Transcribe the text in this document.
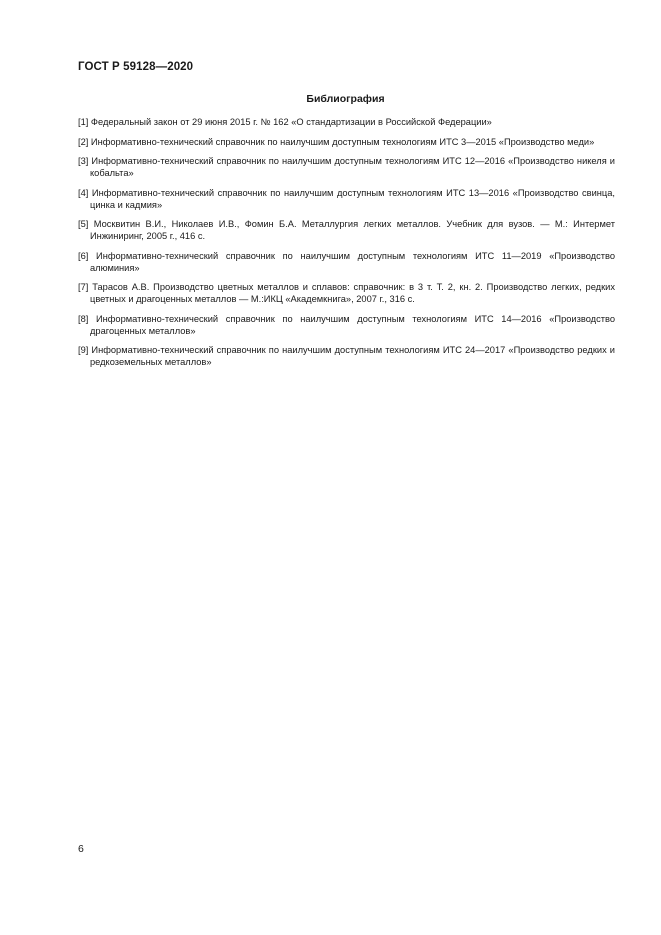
ГОСТ Р 59128—2020
Библиография
[1] Федеральный закон от 29 июня 2015 г. № 162 «О стандартизации в Российской Федерации»
[2] Информативно-технический справочник по наилучшим доступным технологиям ИТС 3—2015 «Производство меди»
[3] Информативно-технический справочник по наилучшим доступным технологиям ИТС 12—2016 «Производство никеля и кобальта»
[4] Информативно-технический справочник по наилучшим доступным технологиям ИТС 13—2016 «Производство свинца, цинка и кадмия»
[5] Москвитин В.И., Николаев И.В., Фомин Б.А. Металлургия легких металлов. Учебник для вузов. — М.: Интермет Инжиниринг, 2005 г., 416 с.
[6] Информативно-технический справочник по наилучшим доступным технологиям ИТС 11—2019 «Производство алюминия»
[7] Тарасов А.В. Производство цветных металлов и сплавов: справочник: в 3 т. Т. 2, кн. 2. Производство легких, редких цветных и драгоценных металлов — М.:ИКЦ «Академкнига», 2007 г., 316 с.
[8] Информативно-технический справочник по наилучшим доступным технологиям ИТС 14—2016 «Производство драгоценных металлов»
[9] Информативно-технический справочник по наилучшим доступным технологиям ИТС 24—2017 «Производство редких и редкоземельных металлов»
6
